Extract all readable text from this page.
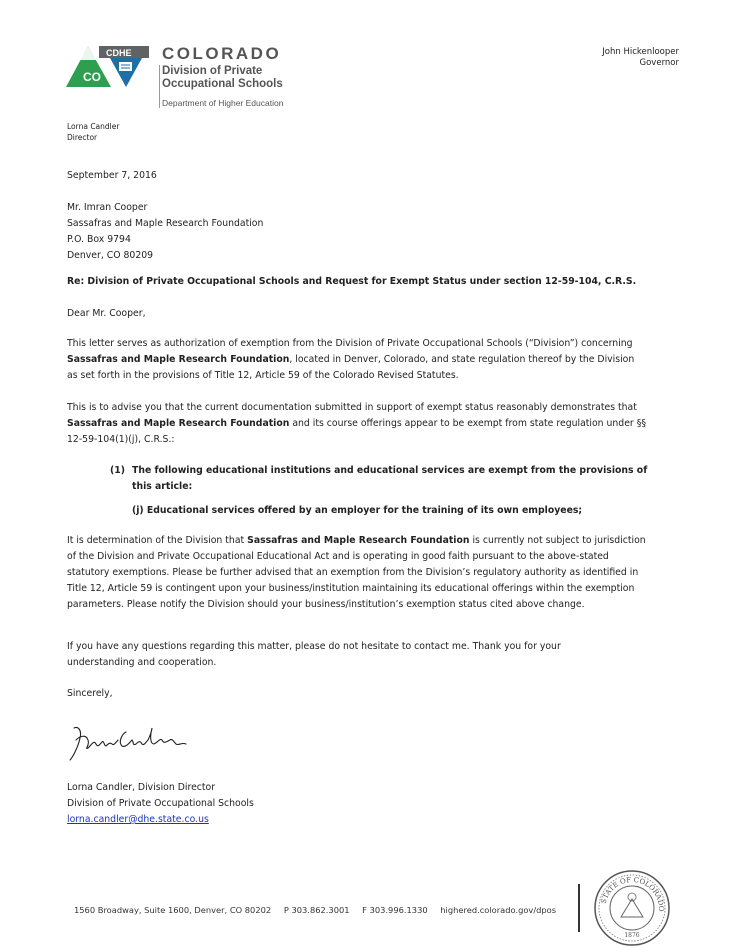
CO
CDHE COLORADO
Division of Private
Occupational Schools
Department of Higher Education
John Hickenlooper
Governor
Lorna Candler
Director
September 7, 2016
Mr. Imran Cooper
Sassafras and Maple Research Foundation
P.O. Box 9794
Denver, CO 80209
Re: Division of Private Occupational Schools and Request for Exempt Status under section 12-59-104, C.R.S.
Dear Mr. Cooper,
This letter serves as authorization of exemption from the Division of Private Occupational Schools (“Division”) concerning Sassafras and Maple Research Foundation, located in Denver, Colorado, and state regulation thereof by the Division as set forth in the provisions of Title 12, Article 59 of the Colorado Revised Statutes.
This is to advise you that the current documentation submitted in support of exempt status reasonably demonstrates that Sassafras and Maple Research Foundation and its course offerings appear to be exempt from state regulation under §§ 12-59-104(1)(j), C.R.S.:
(1) The following educational institutions and educational services are exempt from the provisions of
this article:
(j) Educational services offered by an employer for the training of its own employees;
It is determination of the Division that Sassafras and Maple Research Foundation is currently not subject to jurisdiction of the Division and Private Occupational Educational Act and is operating in good faith pursuant to the above-stated statutory exemptions. Please be further advised that an exemption from the Division’s regulatory authority as identified in Title 12, Article 59 is contingent upon your business/institution maintaining its educational offerings within the exemption parameters. Please notify the Division should your business/institution’s exemption status cited above change.
If you have any questions regarding this matter, please do not hesitate to contact me. Thank you for your understanding and cooperation.
Sincerely,
Lorna Candler, Division Director
Division of Private Occupational Schools
lorna.candler@dhe.state.co.us
1560 Broadway, Suite 1600, Denver, CO 80202 P 303.862.3001 F 303.996.1330 highered.colorado.gov/dpos
STATE OF COLORADO
1876
